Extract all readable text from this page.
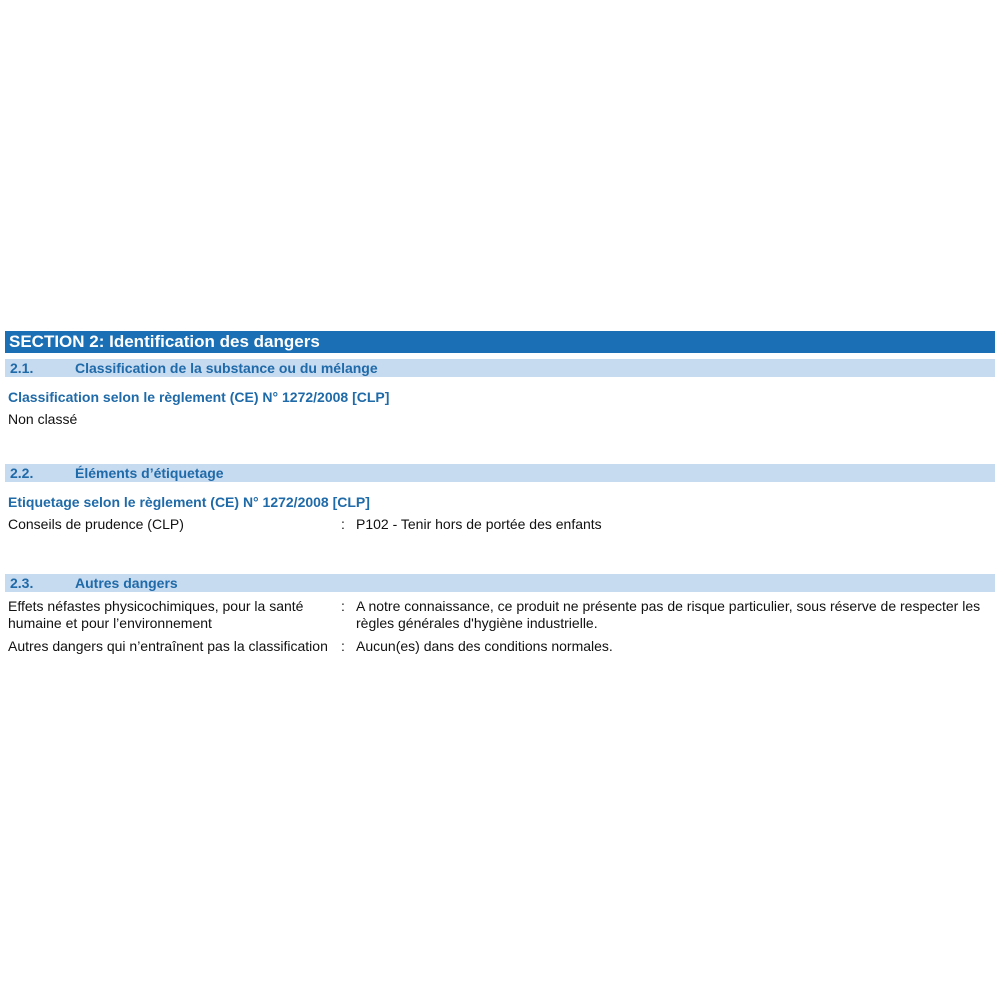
SECTION 2: Identification des dangers
2.1.	Classification de la substance ou du mélange
Classification selon le règlement (CE) N° 1272/2008 [CLP]
Non classé
2.2.	Éléments d’étiquetage
Etiquetage selon le règlement (CE) N° 1272/2008 [CLP]
Conseils de prudence (CLP)	: P102 - Tenir hors de portée des enfants
2.3.	Autres dangers
Effets néfastes physicochimiques, pour la santé humaine et pour l’environnement
: A notre connaissance, ce produit ne présente pas de risque particulier, sous réserve de respecter les règles générales d'hygiène industrielle.
Autres dangers qui n’entraînent pas la classification : Aucun(es) dans des conditions normales.
